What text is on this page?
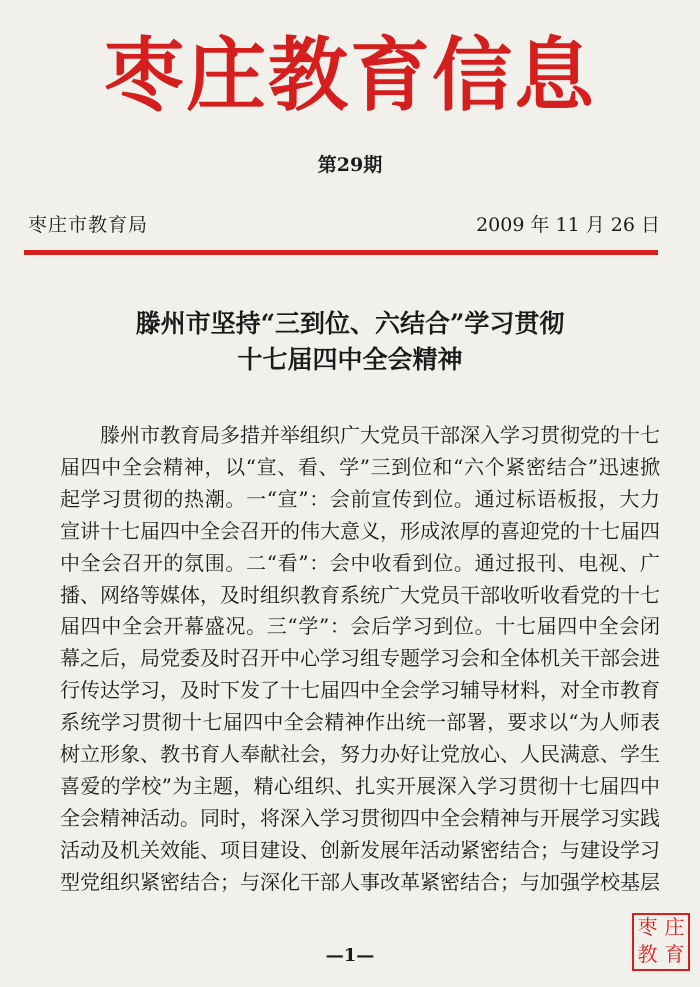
枣庄教育信息
第29期
枣庄市教育局	2009 年 11 月 26 日
滕州市坚持“三到位、六结合”学习贯彻
十七届四中全会精神

滕州市教育局多措并举组织广大党员干部深入学习贯彻党的十七届四中全会精神，以“宣、看、学”三到位和“六个紧密结合”迅速掀起学习贯彻的热潮。一“宣”：会前宣传到位。通过标语板报，大力宣讲十七届四中全会召开的伟大意义，形成浓厚的喜迎党的十七届四中全会召开的氛围。二“看”：会中收看到位。通过报刊、电视、广播、网络等媒体，及时组织教育系统广大党员干部收听收看党的十七届四中全会开幕盛况。三“学”：会后学习到位。十七届四中全会闭幕之后，局党委及时召开中心学习组专题学习会和全体机关干部会进行传达学习，及时下发了十七届四中全会学习辅导材料，对全市教育系统学习贯彻十七届四中全会精神作出统一部署，要求以“为人师表树立形象、教书育人奉献社会，努力办好让党放心、人民满意、学生喜爱的学校”为主题，精心组织、扎实开展深入学习贯彻十七届四中全会精神活动。同时，将深入学习贯彻四中全会精神与开展学习实践活动及机关效能、项目建设、创新发展年活动紧密结合；与建设学习型党组织紧密结合；与深化干部人事改革紧密结合；与加强学校基层

—1—
枣 庄
教 育
